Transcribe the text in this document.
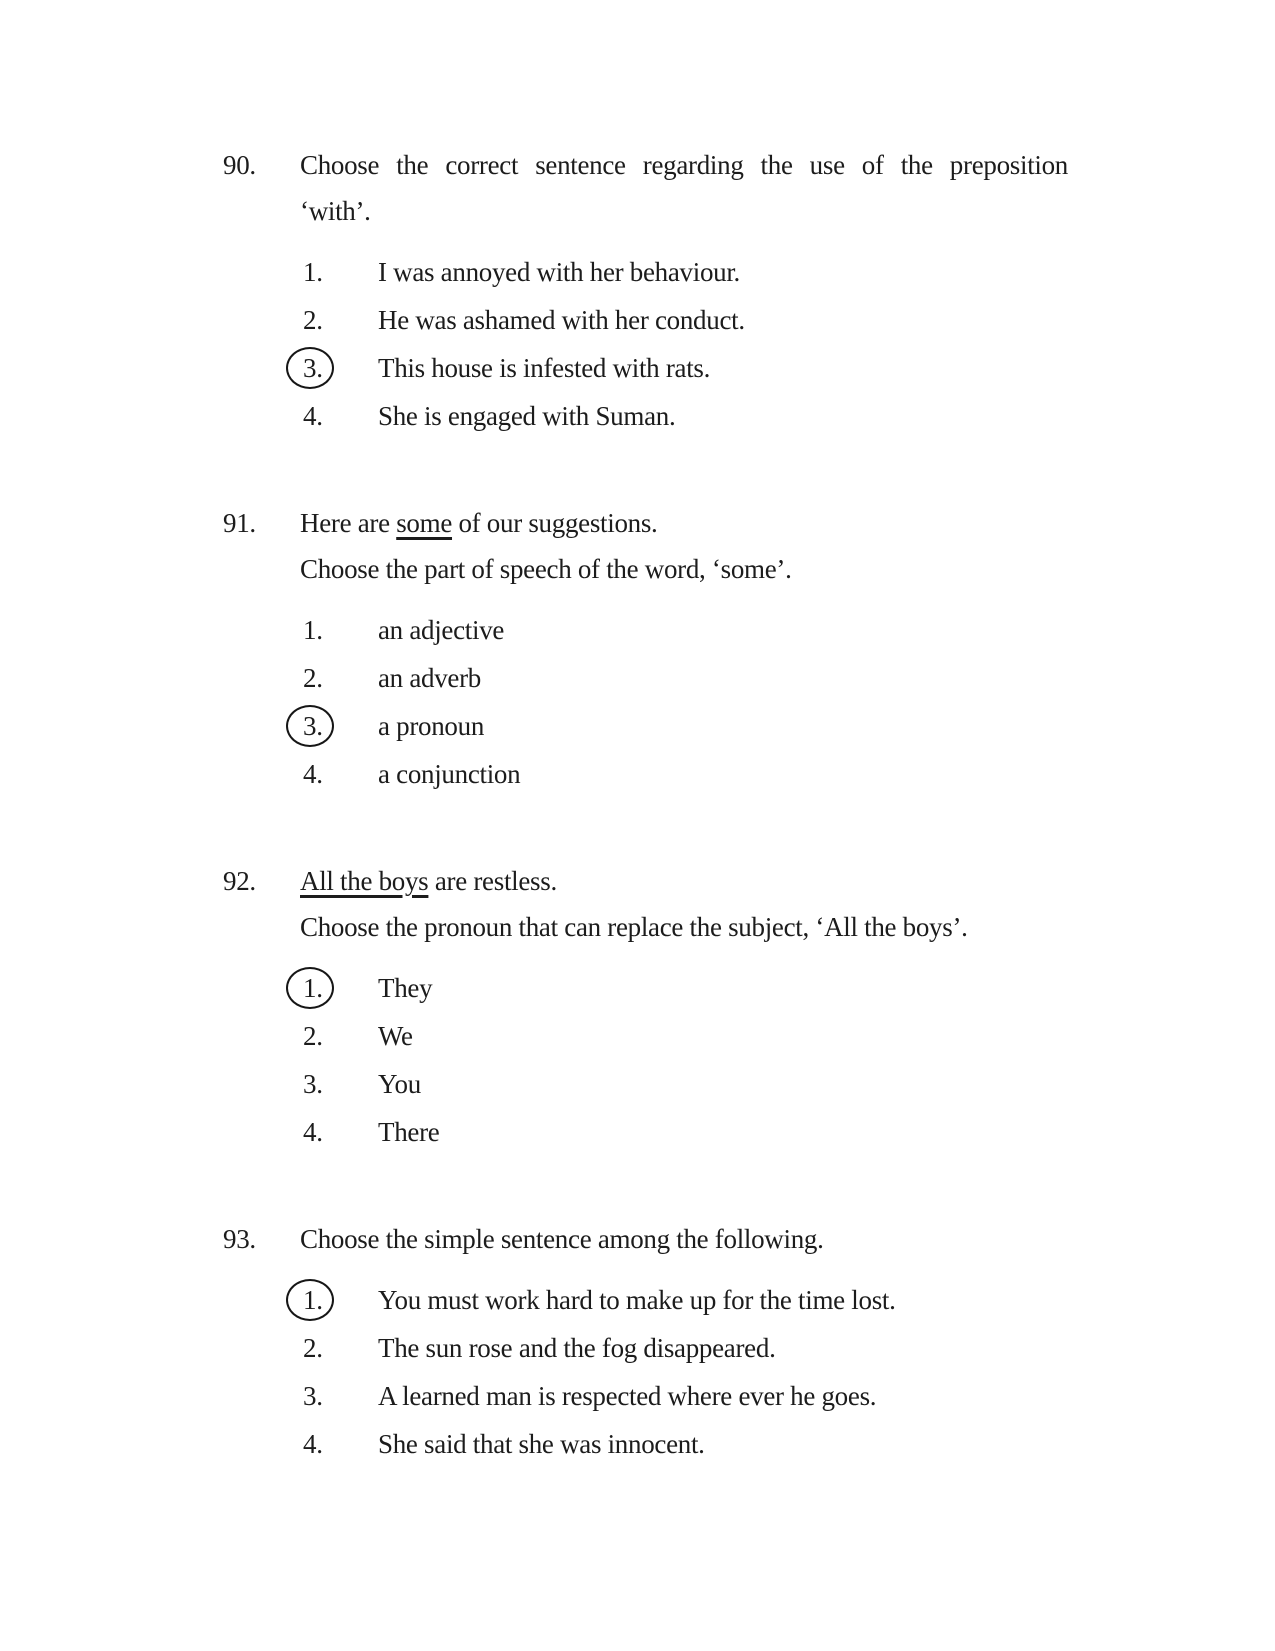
90.	Choose the correct sentence regarding the use of the preposition
‘with’.
1.	I was annoyed with her behaviour.
2.	He was ashamed with her conduct.
3.	This house is infested with rats.
4.	She is engaged with Suman.
91.	Here are some of our suggestions.
Choose the part of speech of the word, ‘some’.
1.	an adjective
2.	an adverb
3.	a pronoun
4.	a conjunction
92.	All the boys are restless.
Choose the pronoun that can replace the subject, ‘All the boys’.
1.	They
2.	We
3.	You
4.	There
93.	Choose the simple sentence among the following.
1.	You must work hard to make up for the time lost.
2.	The sun rose and the fog disappeared.
3.	A learned man is respected where ever he goes.
4.	She said that she was innocent.
